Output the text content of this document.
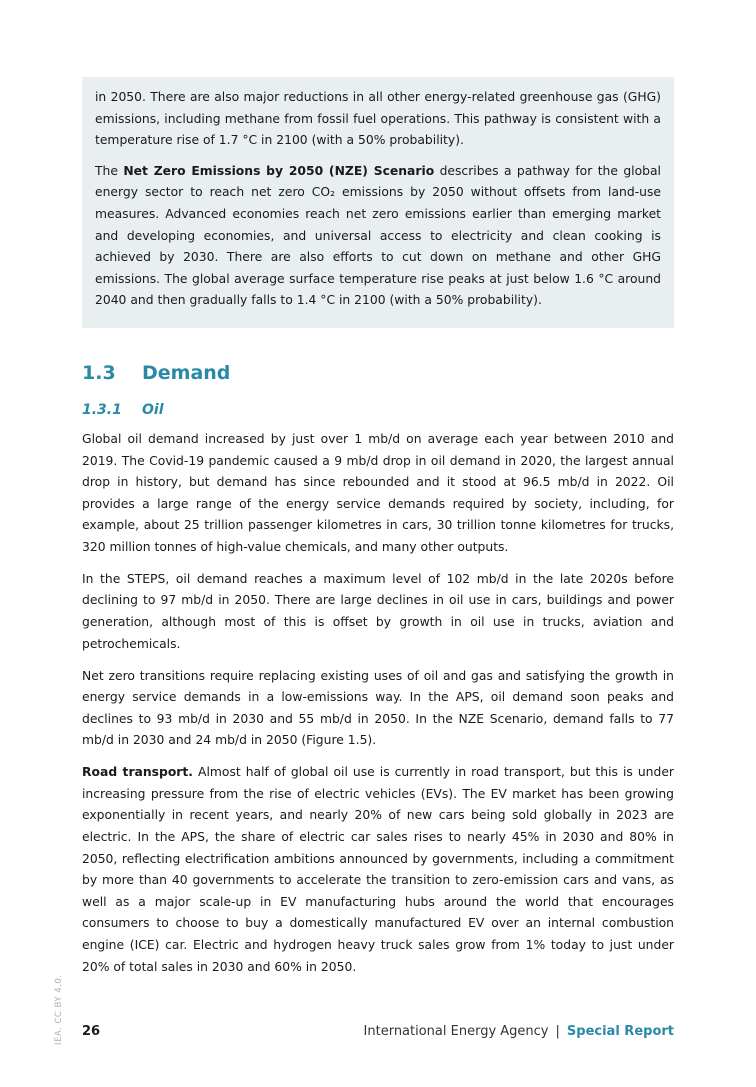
in 2050. There are also major reductions in all other energy-related greenhouse gas (GHG) emissions, including methane from fossil fuel operations. This pathway is consistent with a temperature rise of 1.7 °C in 2100 (with a 50% probability).

The Net Zero Emissions by 2050 (NZE) Scenario describes a pathway for the global energy sector to reach net zero CO₂ emissions by 2050 without offsets from land-use measures. Advanced economies reach net zero emissions earlier than emerging market and developing economies, and universal access to electricity and clean cooking is achieved by 2030. There are also efforts to cut down on methane and other GHG emissions. The global average surface temperature rise peaks at just below 1.6 °C around 2040 and then gradually falls to 1.4 °C in 2100 (with a 50% probability).

1.3 Demand
1.3.1 Oil

Global oil demand increased by just over 1 mb/d on average each year between 2010 and 2019. The Covid-19 pandemic caused a 9 mb/d drop in oil demand in 2020, the largest annual drop in history, but demand has since rebounded and it stood at 96.5 mb/d in 2022. Oil provides a large range of the energy service demands required by society, including, for example, about 25 trillion passenger kilometres in cars, 30 trillion tonne kilometres for trucks, 320 million tonnes of high-value chemicals, and many other outputs.

In the STEPS, oil demand reaches a maximum level of 102 mb/d in the late 2020s before declining to 97 mb/d in 2050. There are large declines in oil use in cars, buildings and power generation, although most of this is offset by growth in oil use in trucks, aviation and petrochemicals.

Net zero transitions require replacing existing uses of oil and gas and satisfying the growth in energy service demands in a low-emissions way. In the APS, oil demand soon peaks and declines to 93 mb/d in 2030 and 55 mb/d in 2050. In the NZE Scenario, demand falls to 77 mb/d in 2030 and 24 mb/d in 2050 (Figure 1.5).

Road transport. Almost half of global oil use is currently in road transport, but this is under increasing pressure from the rise of electric vehicles (EVs). The EV market has been growing exponentially in recent years, and nearly 20% of new cars being sold globally in 2023 are electric. In the APS, the share of electric car sales rises to nearly 45% in 2030 and 80% in 2050, reflecting electrification ambitions announced by governments, including a commitment by more than 40 governments to accelerate the transition to zero-emission cars and vans, as well as a major scale-up in EV manufacturing hubs around the world that encourages consumers to choose to buy a domestically manufactured EV over an internal combustion engine (ICE) car. Electric and hydrogen heavy truck sales grow from 1% today to just under 20% of total sales in 2030 and 60% in 2050.

IEA. CC BY 4.0. 26	International Energy Agency | Special Report
